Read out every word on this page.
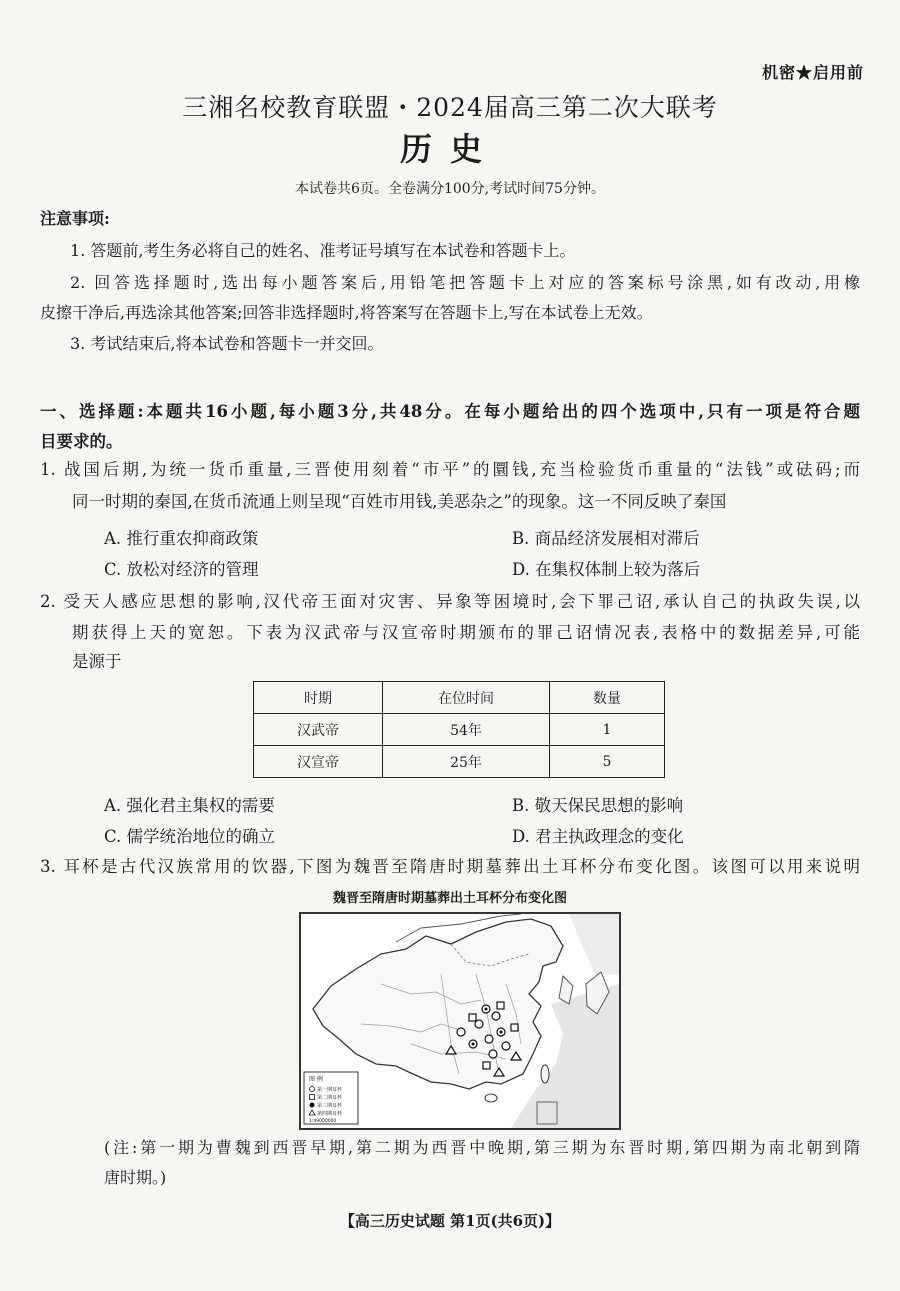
机密★启用前
三湘名校教育联盟・2024届高三第二次大联考
历史
本试卷共6页。全卷满分100分,考试时间75分钟。
注意事项:
1. 答题前,考生务必将自己的姓名、准考证号填写在本试卷和答题卡上。
2. 回答选择题时,选出每小题答案后,用铅笔把答题卡上对应的答案标号涂黑,如有改动,用橡
皮擦干净后,再选涂其他答案;回答非选择题时,将答案写在答题卡上,写在本试卷上无效。
3. 考试结束后,将本试卷和答题卡一并交回。
一、选择题:本题共16小题,每小题3分,共48分。在每小题给出的四个选项中,只有一项是符合题
目要求的。
1. 战国后期,为统一货币重量,三晋使用刻着“市平”的圜钱,充当检验货币重量的“法钱”或砝码;而
同一时期的秦国,在货币流通上则呈现“百姓市用钱,美恶杂之”的现象。这一不同反映了秦国
A. 推行重农抑商政策	B. 商品经济发展相对滞后
C. 放松对经济的管理	D. 在集权体制上较为落后
2. 受天人感应思想的影响,汉代帝王面对灾害、异象等困境时,会下罪己诏,承认自己的执政失误,以
期获得上天的宽恕。下表为汉武帝与汉宣帝时期颁布的罪己诏情况表,表格中的数据差异,可能
是源于
时期	在位时间	数量
汉武帝	54年	1
汉宣帝	25年	5
A. 强化君主集权的需要	B. 敬天保民思想的影响
C. 儒学统治地位的确立	D. 君主执政理念的变化
3. 耳杯是古代汉族常用的饮器,下图为魏晋至隋唐时期墓葬出土耳杯分布变化图。该图可以用来说明
魏晋至隋唐时期墓葬出土耳杯分布变化图
图 例
第一期耳杯
第二期耳杯
第三期耳杯
第四期耳杯
1:49000000
(注:第一期为曹魏到西晋早期,第二期为西晋中晚期,第三期为东晋时期,第四期为南北朝到隋
唐时期。)
【高三历史试题 第1页(共6页)】
